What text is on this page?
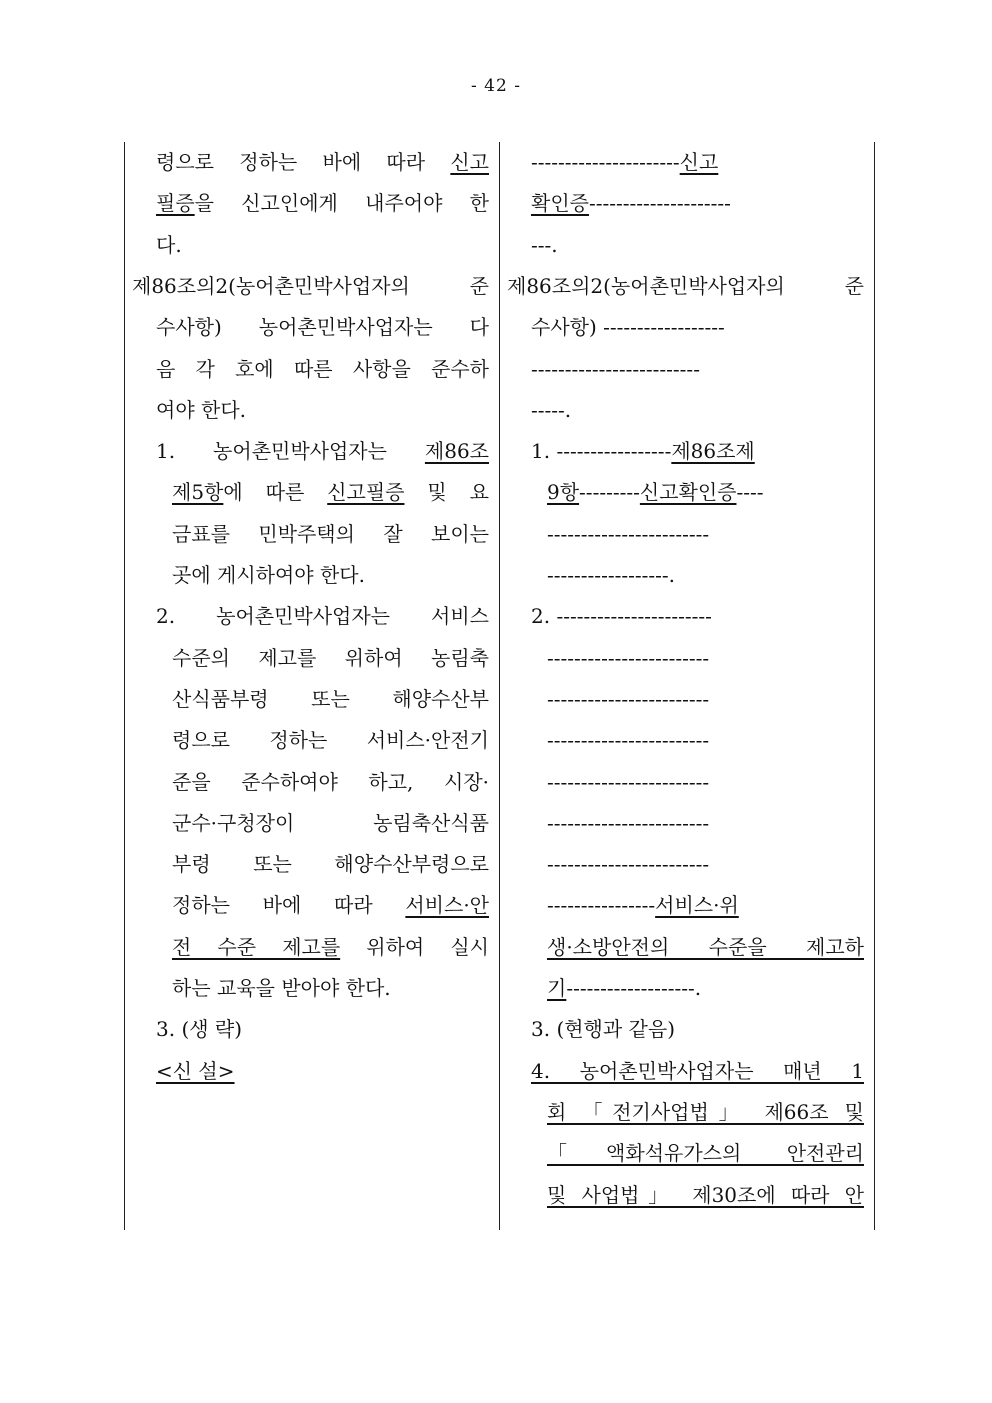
- 42 -
령으로 정하는 바에 따라 신고
필증을 신고인에게 내주어야 한
다.
제86조의2(농어촌민박사업자의 준
수사항) 농어촌민박사업자는 다
음 각 호에 따른 사항을 준수하
여야 한다.
1. 농어촌민박사업자는 제86조
제5항에 따른 신고필증 및 요
금표를 민박주택의 잘 보이는
곳에 게시하여야 한다.
2. 농어촌민박사업자는 서비스
수준의 제고를 위하여 농림축
산식품부령 또는 해양수산부
령으로 정하는 서비스·안전기
준을 준수하여야 하고, 시장·
군수·구청장이 농림축산식품
부령 또는 해양수산부령으로
정하는 바에 따라 서비스·안
전 수준 제고를 위하여 실시
하는 교육을 받아야 한다.
3. (생 략)
<신 설>
----------------------신고
확인증---------------------
---.
제86조의2(농어촌민박사업자의 준
수사항) ------------------
-------------------------
-----.
1. -----------------제86조제
9항---------신고확인증----
------------------------
------------------.
2. -----------------------
------------------------
------------------------
------------------------
------------------------
------------------------
------------------------
----------------서비스·위
생·소방안전의 수준을 제고하
기-------------------.
3. (현행과 같음)
4. 농어촌민박사업자는 매년 1
회 「전기사업법」 제66조 및
「액화석유가스의 안전관리
및 사업법」 제30조에 따라 안
